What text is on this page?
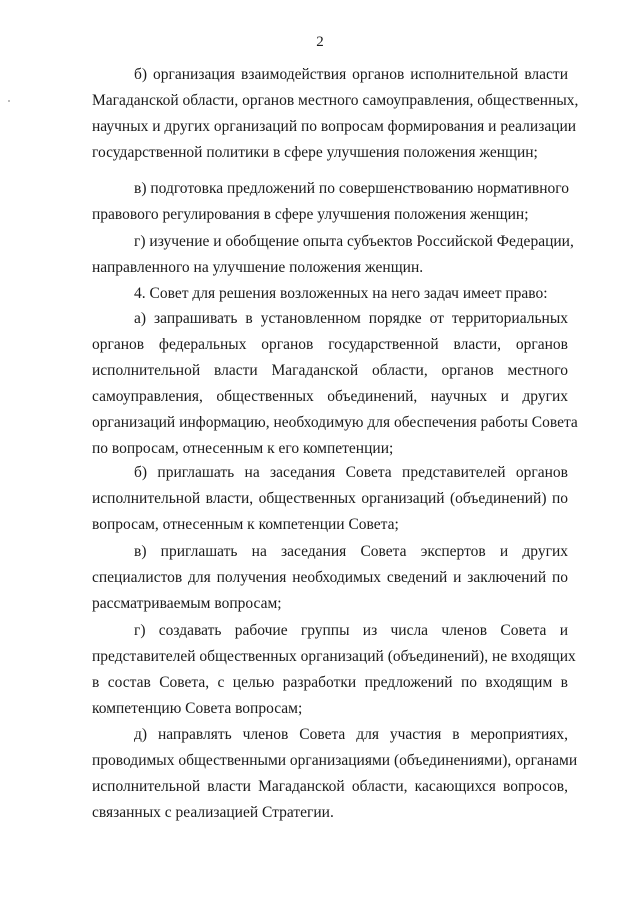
2
б) организация взаимодействия органов исполнительной власти
Магаданской области, органов местного самоуправления, общественных,
научных и других организаций по вопросам формирования и реализации
государственной политики в сфере улучшения положения женщин;
в) подготовка предложений по совершенствованию нормативного
правового регулирования в сфере улучшения положения женщин;
г) изучение и обобщение опыта субъектов Российской Федерации,
направленного на улучшение положения женщин.
4. Совет для решения возложенных на него задач имеет право:
а) запрашивать в установленном порядке от территориальных
органов федеральных органов государственной власти, органов
исполнительной власти Магаданской области, органов местного
самоуправления, общественных объединений, научных и других
организаций информацию, необходимую для обеспечения работы Совета
по вопросам, отнесенным к его компетенции;
б) приглашать на заседания Совета представителей органов
исполнительной власти, общественных организаций (объединений) по
вопросам, отнесенным к компетенции Совета;
в) приглашать на заседания Совета экспертов и других
специалистов для получения необходимых сведений и заключений по
рассматриваемым вопросам;
г) создавать рабочие группы из числа членов Совета и
представителей общественных организаций (объединений), не входящих
в состав Совета, с целью разработки предложений по входящим в
компетенцию Совета вопросам;
д) направлять членов Совета для участия в мероприятиях,
проводимых общественными организациями (объединениями), органами
исполнительной власти Магаданской области, касающихся вопросов,
связанных с реализацией Стратегии.
